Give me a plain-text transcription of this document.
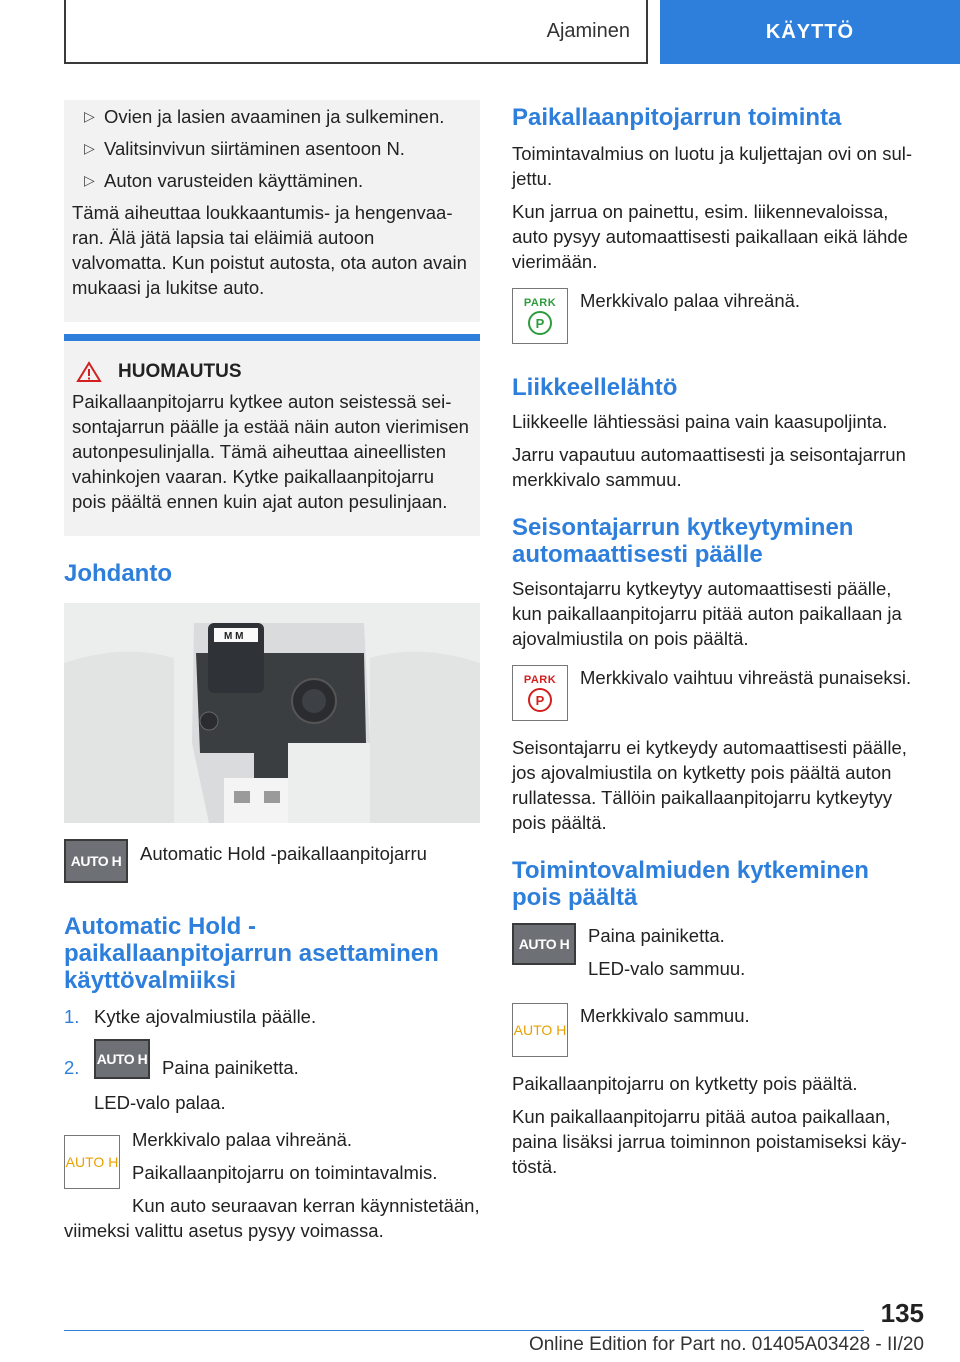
Ajaminen	KÄYTTÖ
▷ Ovien ja lasien avaaminen ja sulkeminen.
▷ Valitsinvivun siirtäminen asentoon N.
▷ Auton varusteiden käyttäminen.

Tämä aiheuttaa loukkaantumis- ja hengenvaaran. Älä jätä lapsia tai eläimiä autoon valvomatta. Kun poistut autosta, ota auton avain mukaasi ja lukitse auto.

HUOMAUTUS

Paikallaanpitojarru kytkee auton seistessä seisontajarrun päälle ja estää näin auton vierimisen autonpesulinjalla. Tämä aiheuttaa aineellisten vahinkojen vaaran. Kytke paikallaanpitojarru pois päältä ennen kuin ajat auton pesulinjaan.

Johdanto
M M
AUTO H Automatic Hold -paikallaanpitojarru

Automatic Hold -paikallaanpitojarrun asettaminen käyttövalmiiksi
1. Kytke ajovalmiustila päälle.

2.	AUTO H Paina painiketta.

LED-valo palaa.

AUTO H

Merkkivalo palaa vihreänä.

Paikallaanpitojarru on toimintavalmis.

Kun auto seuraavan kerran käynnistetään, viimeksi valittu asetus pysyy voimassa.

Paikallaanpitojarrun toiminta

Toimintavalmius on luotu ja kuljettajan ovi on suljettu.

Kun jarrua on painettu, esim. liikennevaloissa, auto pysyy automaattisesti paikallaan eikä lähde vierimään.

PARK
P

Merkkivalo palaa vihreänä.

Liikkeellelähtö

Liikkeelle lähtiessäsi paina vain kaasupoljinta.

Jarru vapautuu automaattisesti ja seisontajarrun merkkivalo sammuu.

Seisontajarrun kytkeytyminen automaattisesti päälle

Seisontajarru kytkeytyy automaattisesti päälle, kun paikallaanpitojarru pitää auton paikallaan ja ajovalmiustila on pois päältä.

PARK
P

Merkkivalo vaihtuu vihreästä punaiseksi.

Seisontajarru ei kytkeydy automaattisesti päälle, jos ajovalmiustila on kytketty pois päältä auton rullatessa. Tällöin paikallaanpitojarru kytkeytyy pois päältä.

Toimintovalmiuden kytkeminen pois päältä
AUTO H Paina painiketta.

LED-valo sammuu.

AUTO H

Merkkivalo sammuu.

Paikallaanpitojarru on kytketty pois päältä.

Kun paikallaanpitojarru pitää autoa paikallaan, paina lisäksi jarrua toiminnon poistamiseksi käytöstä.

135
Online Edition for Part no. 01405A03428 - II/20
